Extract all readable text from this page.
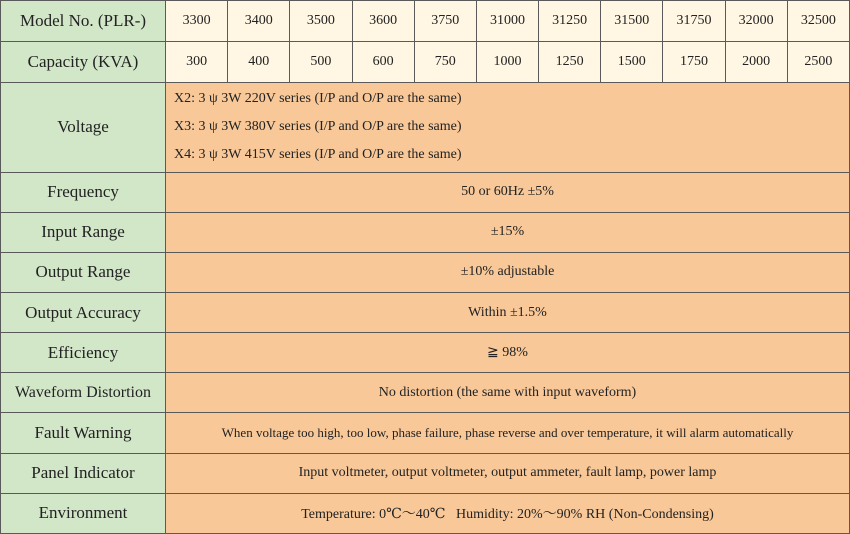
Model No. (PLR-)	3300	3400	3500	3600	3750	31000	31250	31500	31750	32000	32500
Capacity (KVA)	300	400	500	600	750	1000	1250	1500	1750	2000	2500
Voltage	X2: 3 ψ 3W 220V series (I/P and O/P are the same)
X3: 3 ψ 3W 380V series (I/P and O/P are the same)
X4: 3 ψ 3W 415V series (I/P and O/P are the same)										

Frequency	50 or 60Hz ±5%										
Input Range	±15%										
Output Range	±10% adjustable										
Output Accuracy	Within ±1.5%										
Efficiency	≧ 98%										
Waveform Distortion	No distortion (the same with input waveform)										
Fault Warning	When voltage too high, too low, phase failure, phase reverse and over temperature, it will alarm automatically										
Panel Indicator	Input voltmeter, output voltmeter, output ammeter, fault lamp, power lamp										
Environment	Temperature: 0℃～40℃   Humidity: 20%～90% RH (Non-Condensing)										
